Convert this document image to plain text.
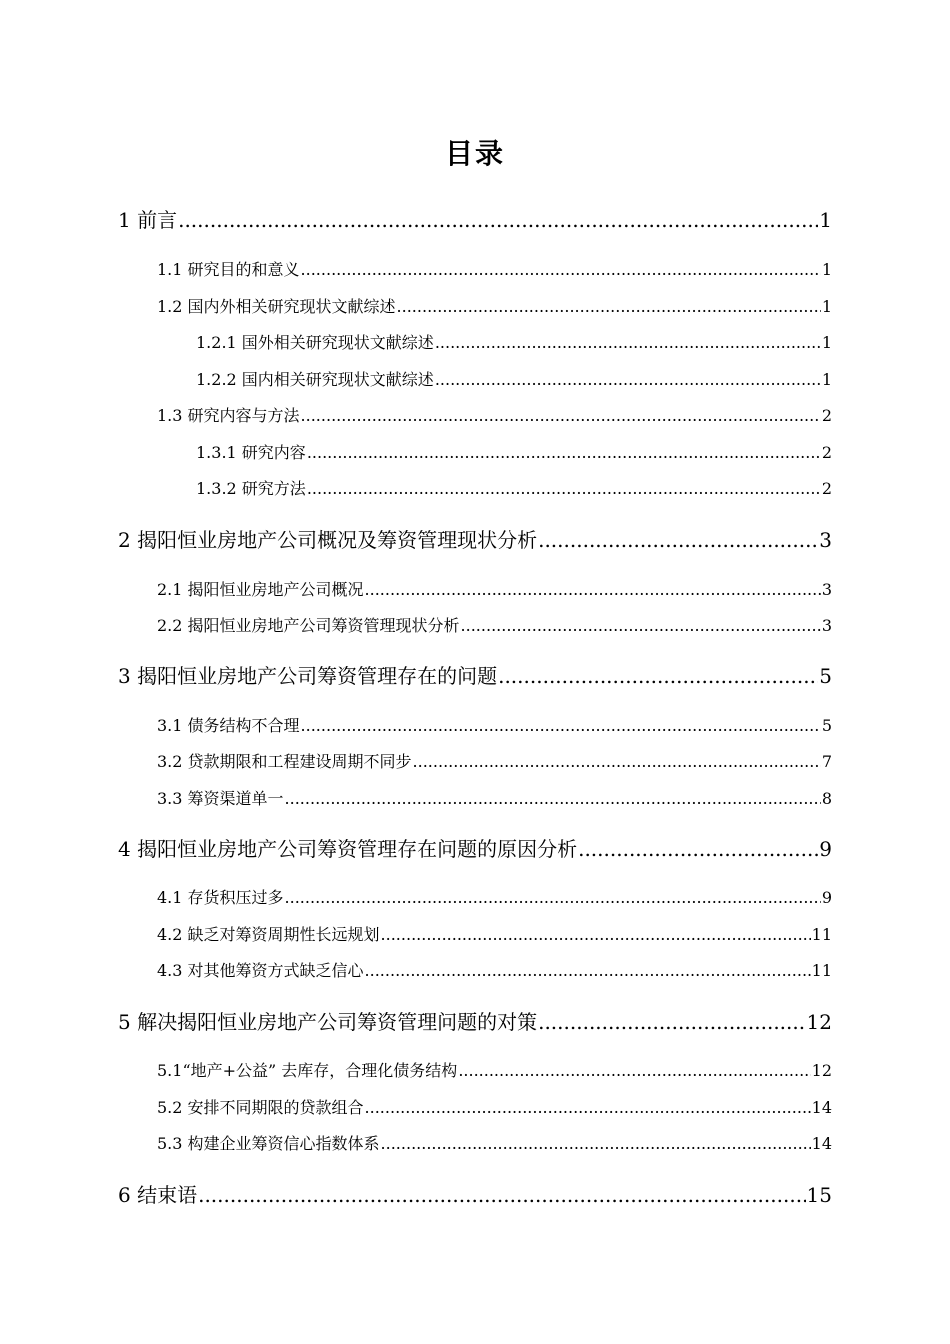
目录
1 前言 .....	1
1.1 研究目的和意义 .....	1
1.2 国内外相关研究现状文献综述 .....	1
1.2.1 国外相关研究现状文献综述 .....	1
1.2.2 国内相关研究现状文献综述 .....	1
1.3 研究内容与方法 .....	2
1.3.1 研究内容 .....	2
1.3.2 研究方法 .....	2
2 揭阳恒业房地产公司概况及筹资管理现状分析 .....	3
2.1 揭阳恒业房地产公司概况 .....	3
2.2 揭阳恒业房地产公司筹资管理现状分析 .....	3
3 揭阳恒业房地产公司筹资管理存在的问题 .....	5
3.1 债务结构不合理 .....	5
3.2 贷款期限和工程建设周期不同步 .....	7
3.3 筹资渠道单一 .....	8
4 揭阳恒业房地产公司筹资管理存在问题的原因分析 .....	9
4.1 存货积压过多 .....	9
4.2 缺乏对筹资周期性长远规划 .....	11
4.3 对其他筹资方式缺乏信心 .....	11
5 解决揭阳恒业房地产公司筹资管理问题的对策 .....	12
5.1“地产+公益” 去库存，合理化债务结构 .....	12
5.2 安排不同期限的贷款组合 .....	14
5.3 构建企业筹资信心指数体系 .....	14
6 结束语 .....	15
